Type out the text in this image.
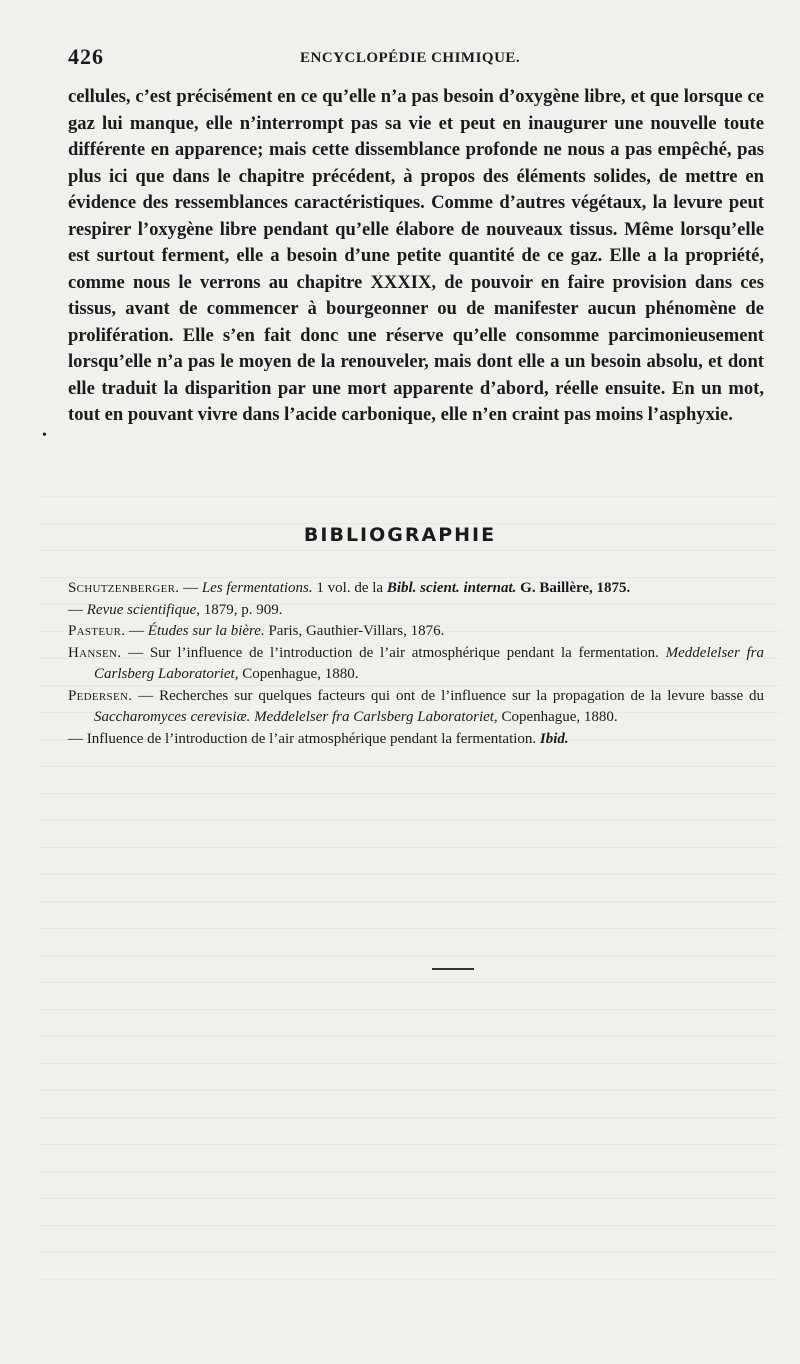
426	ENCYCLOPÉDIE CHIMIQUE.
•

cellules, c’est précisément en ce qu’elle n’a pas besoin d’oxygène libre, et que lorsque ce gaz lui manque, elle n’interrompt pas sa vie et peut en inaugurer une nouvelle toute différente en apparence; mais cette dissemblance profonde ne nous a pas empêché, pas plus ici que dans le chapitre précédent, à propos des éléments solides, de mettre en évidence des ressemblances caractéristiques. Comme d’autres végétaux, la levure peut respirer l’oxygène libre pendant qu’elle élabore de nouveaux tissus. Même lorsqu’elle est surtout ferment, elle a besoin d’une petite quantité de ce gaz. Elle a la propriété, comme nous le verrons au chapitre XXXIX, de pouvoir en faire provision dans ces tissus, avant de commencer à bourgeonner ou de manifester aucun phénomène de prolifération. Elle s’en fait donc une réserve qu’elle consomme parcimonieusement lorsqu’elle n’a pas le moyen de la renouveler, mais dont elle a un besoin absolu, et dont elle traduit la disparition par une mort apparente d’abord, réelle ensuite. En un mot, tout en pouvant vivre dans l’acide carbonique, elle n’en craint pas moins l’asphyxie.

BIBLIOGRAPHIE

Schutzenberger. — Les fermentations. 1 vol. de la Bibl. scient. internat. G. Baillère, 1875.

— Revue scientifique, 1879, p. 909.

Pasteur. — Études sur la bière. Paris, Gauthier-Villars, 1876.

Hansen. — Sur l’influence de l’introduction de l’air atmosphérique pendant la fermentation. Meddelelser fra Carlsberg Laboratoriet, Copenhague, 1880.

Pedersen. — Recherches sur quelques facteurs qui ont de l’influence sur la propagation de la levure basse du Saccharomyces cerevisiæ. Meddelelser fra Carlsberg Laboratoriet, Copenhague, 1880.

— Influence de l’introduction de l’air atmosphérique pendant la fermentation. Ibid.
